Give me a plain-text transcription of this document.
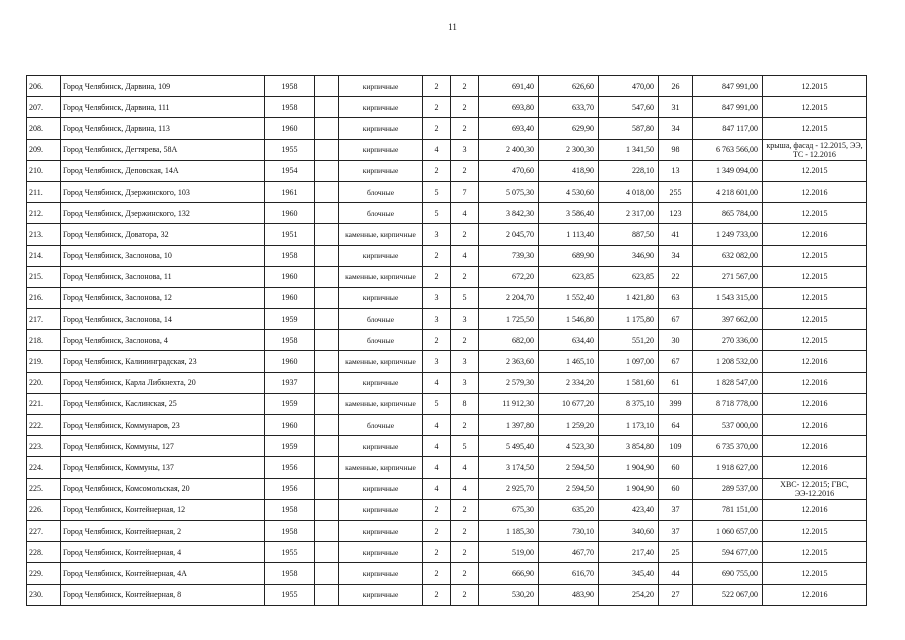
11
206.	Город Челябинск, Дарвина, 109	1958		кирпичные	2	2	691,40	626,60	470,00	26	847 991,00	12.2015
207.	Город Челябинск, Дарвина, 111	1958		кирпичные	2	2	693,80	633,70	547,60	31	847 991,00	12.2015
208.	Город Челябинск, Дарвина, 113	1960		кирпичные	2	2	693,40	629,90	587,80	34	847 117,00	12.2015
209.	Город Челябинск, Дегтярева, 58А	1955		кирпичные	4	3	2 400,30	2 300,30	1 341,50	98	6 763 566,00	крыша, фасад - 12.2015, ЭЭ, ТС - 12.2016
210.	Город Челябинск, Деповская, 14А	1954		кирпичные	2	2	470,60	418,90	228,10	13	1 349 094,00	12.2015
211.	Город Челябинск, Дзержинского, 103	1961		блочные	5	7	5 075,30	4 530,60	4 018,00	255	4 218 601,00	12.2016
212.	Город Челябинск, Дзержинского, 132	1960		блочные	5	4	3 842,30	3 586,40	2 317,00	123	865 784,00	12.2015
213.	Город Челябинск, Доватора, 32	1951		каменные, кирпичные	3	2	2 045,70	1 113,40	887,50	41	1 249 733,00	12.2016
214.	Город Челябинск, Заслонова, 10	1958		кирпичные	2	4	739,30	689,90	346,90	34	632 082,00	12.2015
215.	Город Челябинск, Заслонова, 11	1960		каменные, кирпичные	2	2	672,20	623,85	623,85	22	271 567,00	12.2015
216.	Город Челябинск, Заслонова, 12	1960		кирпичные	3	5	2 204,70	1 552,40	1 421,80	63	1 543 315,00	12.2015
217.	Город Челябинск, Заслонова, 14	1959		блочные	3	3	1 725,50	1 546,80	1 175,80	67	397 662,00	12.2015
218.	Город Челябинск, Заслонова, 4	1958		блочные	2	2	682,00	634,40	551,20	30	270 336,00	12.2015
219.	Город Челябинск, Калининградская, 23	1960		каменные, кирпичные	3	3	2 363,60	1 465,10	1 097,00	67	1 208 532,00	12.2016
220.	Город Челябинск, Карла Либкнехта, 20	1937		кирпичные	4	3	2 579,30	2 334,20	1 581,60	61	1 828 547,00	12.2016
221.	Город Челябинск, Каслинская, 25	1959		каменные, кирпичные	5	8	11 912,30	10 677,20	8 375,10	399	8 718 778,00	12.2016
222.	Город Челябинск, Коммунаров, 23	1960		блочные	4	2	1 397,80	1 259,20	1 173,10	64	537 000,00	12.2016
223.	Город Челябинск, Коммуны, 127	1959		кирпичные	4	5	5 495,40	4 523,30	3 854,80	109	6 735 370,00	12.2016
224.	Город Челябинск, Коммуны, 137	1956		каменные, кирпичные	4	4	3 174,50	2 594,50	1 904,90	60	1 918 627,00	12.2016
225.	Город Челябинск, Комсомольская, 20	1956		кирпичные	4	4	2 925,70	2 594,50	1 904,90	60	289 537,00	ХВС- 12.2015; ГВС, ЭЭ-12.2016
226.	Город Челябинск, Контейнерная, 12	1958		кирпичные	2	2	675,30	635,20	423,40	37	781 151,00	12.2016
227.	Город Челябинск, Контейнерная, 2	1958		кирпичные	2	2	1 185,30	730,10	340,60	37	1 060 657,00	12.2015
228.	Город Челябинск, Контейнерная, 4	1955		кирпичные	2	2	519,00	467,70	217,40	25	594 677,00	12.2015
229.	Город Челябинск, Контейнерная, 4А	1958		кирпичные	2	2	666,90	616,70	345,40	44	690 755,00	12.2015
230.	Город Челябинск, Контейнерная, 8	1955		кирпичные	2	2	530,20	483,90	254,20	27	522 067,00	12.2016
